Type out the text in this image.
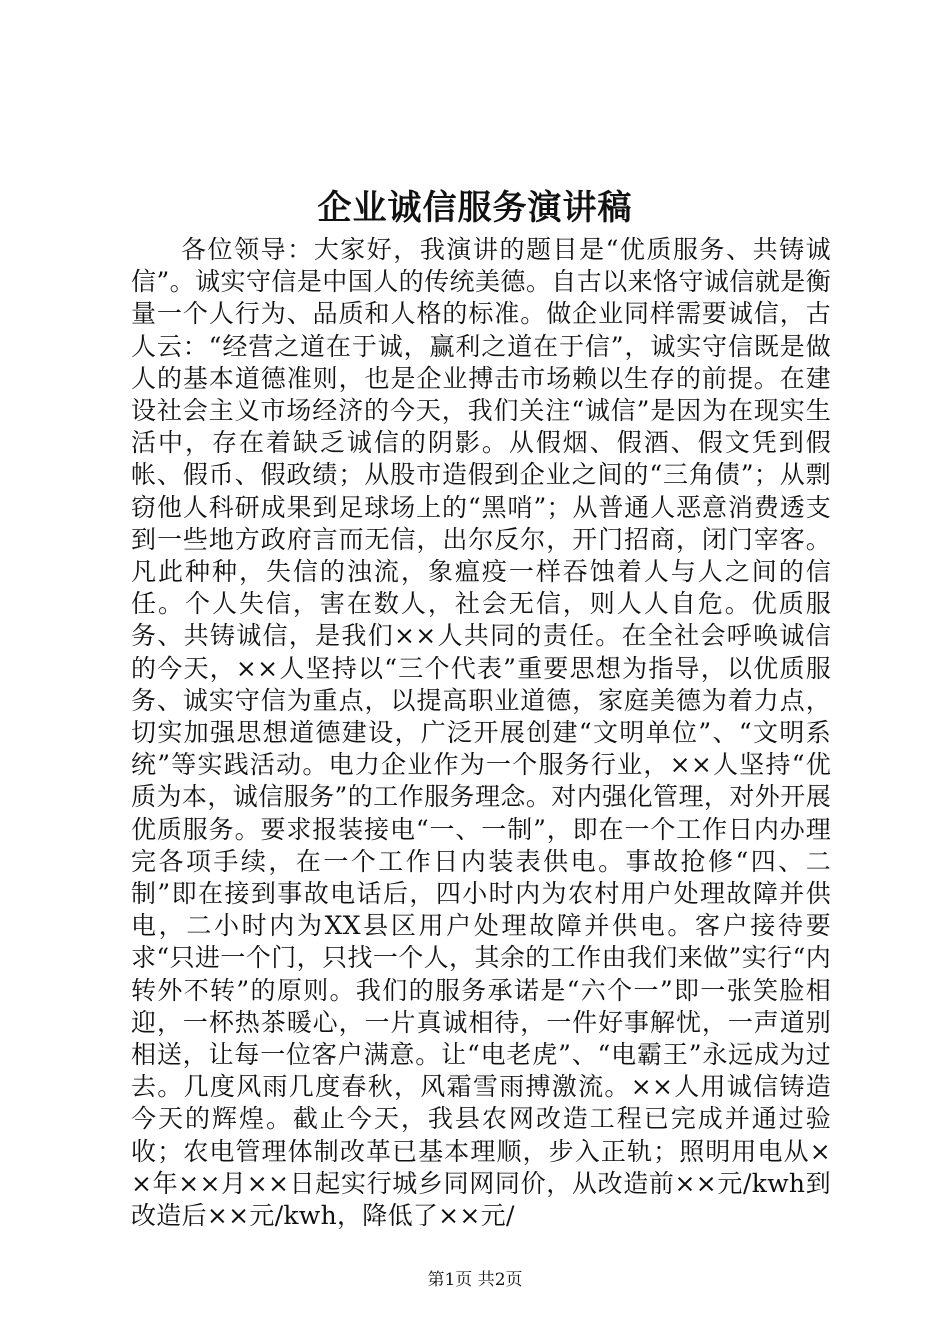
企业诚信服务演讲稿

各位领导：大家好，我演讲的题目是“优质服务、共铸诚信”。诚实守信是中国人的传统美德。自古以来恪守诚信就是衡量一个人行为、品质和人格的标准。做企业同样需要诚信，古人云：“经营之道在于诚，赢利之道在于信”，诚实守信既是做人的基本道德准则，也是企业搏击市场赖以生存的前提。在建设社会主义市场经济的今天，我们关注“诚信”是因为在现实生活中，存在着缺乏诚信的阴影。从假烟、假酒、假文凭到假帐、假币、假政绩；从股市造假到企业之间的“三角债”；从剽窃他人科研成果到足球场上的“黑哨”；从普通人恶意消费透支到一些地方政府言而无信，出尔反尔，开门招商，闭门宰客。凡此种种，失信的浊流，象瘟疫一样吞蚀着人与人之间的信任。个人失信，害在数人，社会无信，则人人自危。优质服务、共铸诚信，是我们××人共同的责任。在全社会呼唤诚信的今天，××人坚持以“三个代表”重要思想为指导，以优质服务、诚实守信为重点，以提高职业道德，家庭美德为着力点，切实加强思想道德建设，广泛开展创建“文明单位”、“文明系统”等实践活动。电力企业作为一个服务行业，××人坚持“优质为本，诚信服务”的工作服务理念。对内强化管理，对外开展优质服务。要求报装接电“一、一制”，即在一个工作日内办理完各项手续，在一个工作日内装表供电。事故抢修“四、二制”即在接到事故电话后，四小时内为农村用户处理故障并供电，二小时内为XX县区用户处理故障并供电。客户接待要求“只进一个门，只找一个人，其余的工作由我们来做”实行“内转外不转”的原则。我们的服务承诺是“六个一”即一张笑脸相迎，一杯热茶暖心，一片真诚相待，一件好事解忧，一声道别相送，让每一位客户满意。让“电老虎”、“电霸王”永远成为过去。几度风雨几度春秋，风霜雪雨搏激流。××人用诚信铸造今天的辉煌。截止今天，我县农网改造工程已完成并通过验收；农电管理体制改革已基本理顺，步入正轨；照明用电从××年××月××日起实行城乡同网同价，从改造前××元/kwh到改造后××元/kwh，降低了××元/

第1页 共2页
